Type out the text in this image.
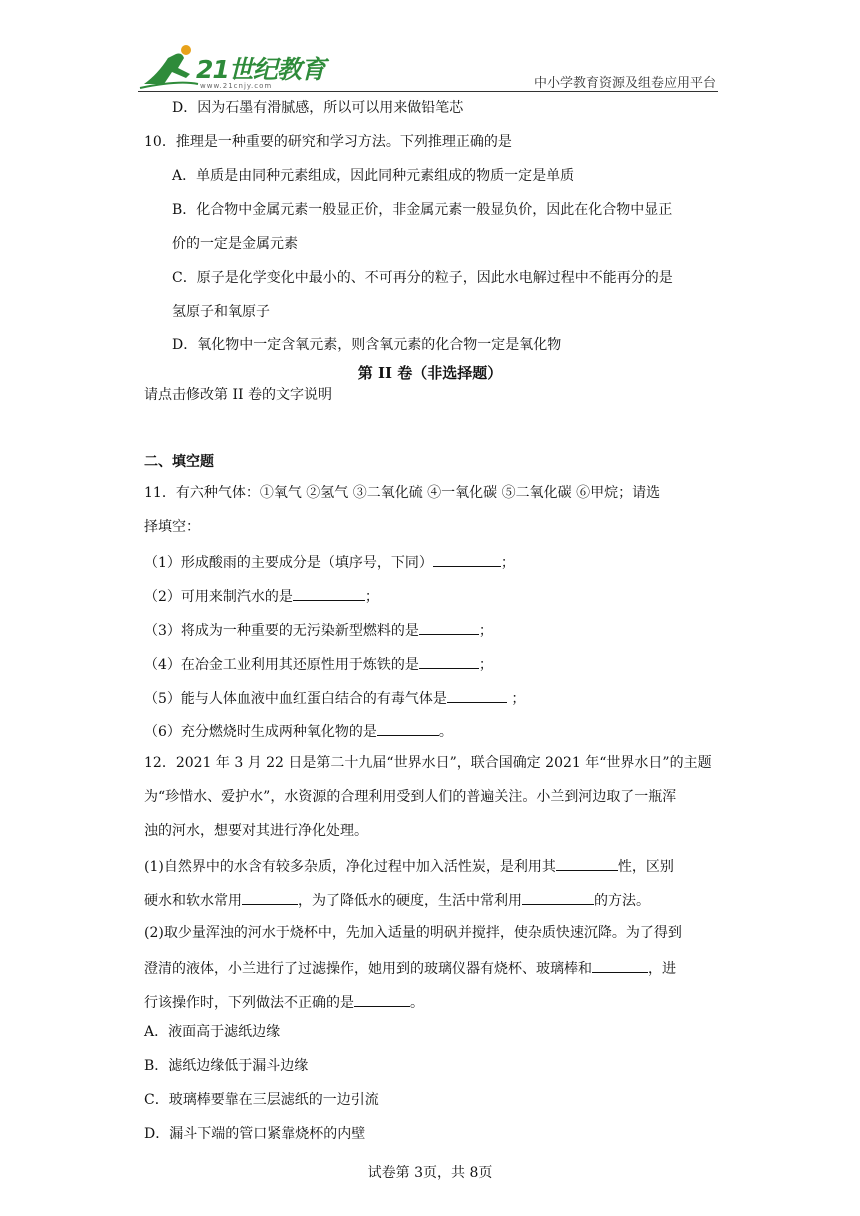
21世纪教育
www.21cnjy.com	中小学教育资源及组卷应用平台
D．因为石墨有滑腻感，所以可以用来做铅笔芯
10．推理是一种重要的研究和学习方法。下列推理正确的是
A．单质是由同种元素组成，因此同种元素组成的物质一定是单质
B．化合物中金属元素一般显正价，非金属元素一般显负价，因此在化合物中显正
价的一定是金属元素
C．原子是化学变化中最小的、不可再分的粒子，因此水电解过程中不能再分的是
氢原子和氧原子
D．氧化物中一定含氧元素，则含氧元素的化合物一定是氧化物
第 II 卷（非选择题）
请点击修改第 II 卷的文字说明
二、填空题
11．有六种气体：①氧气 ②氢气 ③二氧化硫 ④一氧化碳 ⑤二氧化碳 ⑥甲烷；请选
择填空：
（1）形成酸雨的主要成分是（填序号，下同）	；
（2）可用来制汽水的是	；
（3）将成为一种重要的无污染新型燃料的是	；
（4）在冶金工业利用其还原性用于炼铁的是	；
（5）能与人体血液中血红蛋白结合的有毒气体是	；
（6）充分燃烧时生成两种氧化物的是	。
12．2021 年 3 月 22 日是第二十九届“世界水日”，联合国确定 2021 年“世界水日”的主题
为“珍惜水、爱护水”，水资源的合理利用受到人们的普遍关注。小兰到河边取了一瓶浑
浊的河水，想要对其进行净化处理。
(1)自然界中的水含有较多杂质，净化过程中加入活性炭，是利用其	性，区别
硬水和软水常用	，为了降低水的硬度，生活中常利用	的方法。
(2)取少量浑浊的河水于烧杯中，先加入适量的明矾并搅拌，使杂质快速沉降。为了得到
澄清的液体，小兰进行了过滤操作，她用到的玻璃仪器有烧杯、玻璃棒和	，进
行该操作时，下列做法不正确的是	。
A．液面高于滤纸边缘
B．滤纸边缘低于漏斗边缘
C．玻璃棒要靠在三层滤纸的一边引流
D．漏斗下端的管口紧靠烧杯的内壁
试卷第 3页，共 8页
